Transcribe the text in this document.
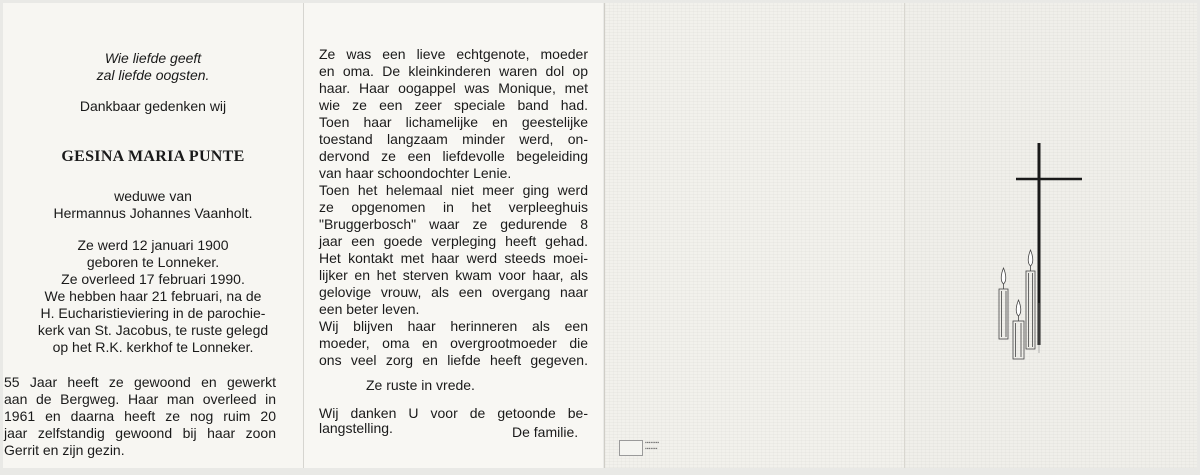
Wie liefde geeft
zal liefde oogsten.
Dankbaar gedenken wij
GESINA MARIA PUNTE
weduwe van
Hermannus Johannes Vaanholt.
Ze werd 12 januari 1900
geboren te Lonneker.
Ze overleed 17 februari 1990.
We hebben haar 21 februari, na de
H. Eucharistieviering in de parochie-
kerk van St. Jacobus, te ruste gelegd
op het R.K. kerkhof te Lonneker.
55 Jaar heeft ze gewoond en gewerkt
aan de Bergweg. Haar man overleed in
1961 en daarna heeft ze nog ruim 20
jaar zelfstandig gewoond bij haar zoon
Gerrit en zijn gezin.
Ze was een lieve echtgenote, moeder
en oma. De kleinkinderen waren dol op
haar. Haar oogappel was Monique, met
wie ze een zeer speciale band had.
Toen haar lichamelijke en geestelijke
toestand langzaam minder werd, on-
dervond ze een liefdevolle begeleiding
van haar schoondochter Lenie.
Toen het helemaal niet meer ging werd
ze opgenomen in het verpleeghuis
"Bruggerbosch" waar ze gedurende 8
jaar een goede verpleging heeft gehad.
Het kontakt met haar werd steeds moei-
lijker en het sterven kwam voor haar, als
gelovige vrouw, als een overgang naar
een beter leven.
Wij blijven haar herinneren als een
moeder, oma en overgrootmoeder die
ons veel zorg en liefde heeft gegeven.
Ze ruste in vrede.
Wij danken U voor de getoonde be-
langstelling.	De familie.
▪▪▪▪▪▪▪▪
▪▪▪▪▪▪▪
